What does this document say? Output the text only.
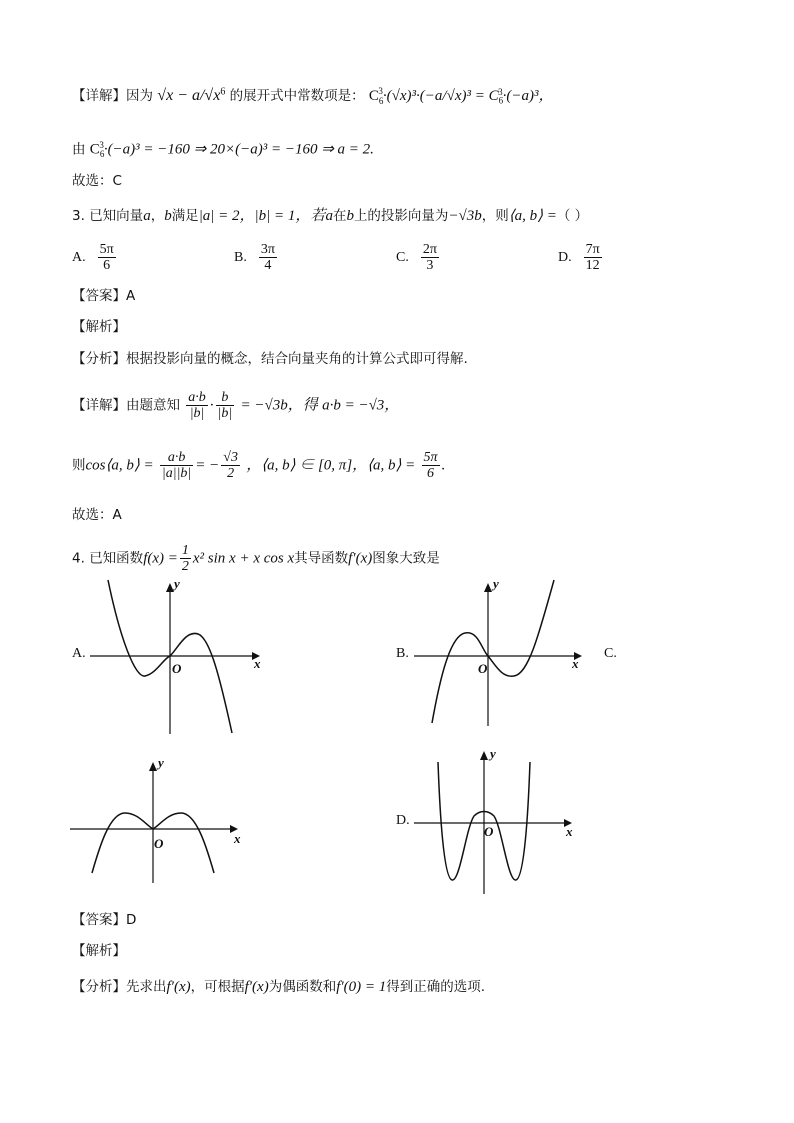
【详解】因为 $√x - a/√x^6$ 的展开式中常数项是： $C_6^3\cdot(√x)^3\cdot(-a/√x)^3 = C_6^3\cdot(-a)^3$，
由 $C_6^3\cdot(-a)^3 = -160$ ⇒ 20×(−a)³ = −160 ⇒ a = 2.
故选：C
3. 已知向量a，b满足|a| = 2，|b| = 1，若a在b上的投影向量为−√3b，则⟨a, b⟩ =（ ）
A. $\frac{5\pi}{6}$	B. $\frac{3\pi}{4}$	C. $\frac{2\pi}{3}$	D. $\frac{7\pi}{12}$
【答案】A
【解析】
【分析】根据投影向量的概念，结合向量夹角的计算公式即可得解.
【详解】由题意知 $\frac{a\cdot b}{|b|} \cdot \frac{b}{|b|} = -√3b$，得 a·b = −√3，
则cos⟨a, b⟩ = $\frac{a\cdot b}{|a||b|}$ = − $\frac{√3}{2}$ ，⟨a, b⟩ ∈ [0, π]，⟨a, b⟩ = $\frac{5\pi}{6}$ .
故选：A
4. 已知函数$f(x) = \frac{1}{2} x^2$ sin x + x cos x其导函数f′(x)图象大致是
A.	B.	C.
D.
y
x
O
y
x
O
y
x
O
y
x
O
【答案】D
【解析】
【分析】先求出f′(x)，可根据f′(x)为偶函数和f′(0) = 1得到正确的选项.
